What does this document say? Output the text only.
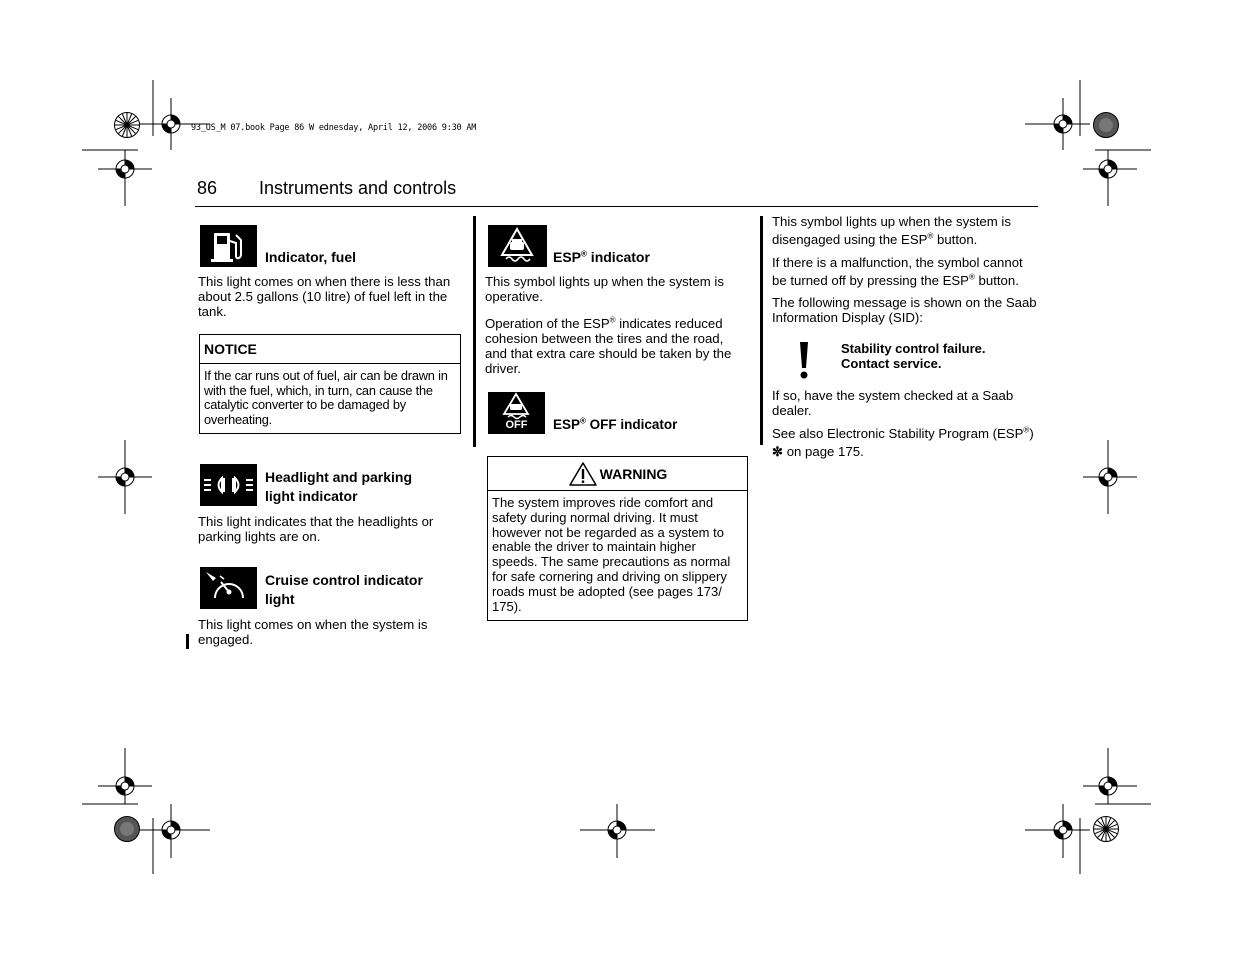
93_US_M 07.book Page 86 W ednesday, April 12, 2006 9:30 AM
86 Instruments and controls
Indicator, fuel
This light comes on when there is less than about 2.5 gallons (10 litre) of fuel left in the tank.
NOTICE
If the car runs out of fuel, air can be drawn in with the fuel, which, in turn, can cause the catalytic converter to be damaged by overheating.
Headlight and parking
light indicator
This light indicates that the headlights or parking lights are on.
Cruise control indicator
light
This light comes on when the system is engaged.
ESP® indicator
This symbol lights up when the system is operative.
Operation of the ESP® indicates reduced cohesion between the tires and the road, and that extra care should be taken by the driver.
OFF	ESP® OFF indicator
WARNING
The system improves ride comfort and safety during normal driving. It must however not be regarded as a system to enable the driver to maintain higher speeds. The same precautions as normal for safe cornering and driving on slippery roads must be adopted (see pages 173/ 175).
This symbol lights up when the system is disengaged using the ESP® button.
If there is a malfunction, the symbol cannot be turned off by pressing the ESP® button.
The following message is shown on the Saab Information Display (SID):
Stability control failure.
Contact service.
If so, have the system checked at a Saab dealer.
See also Electronic Stability Program (ESP®) ✼ on page 175.
